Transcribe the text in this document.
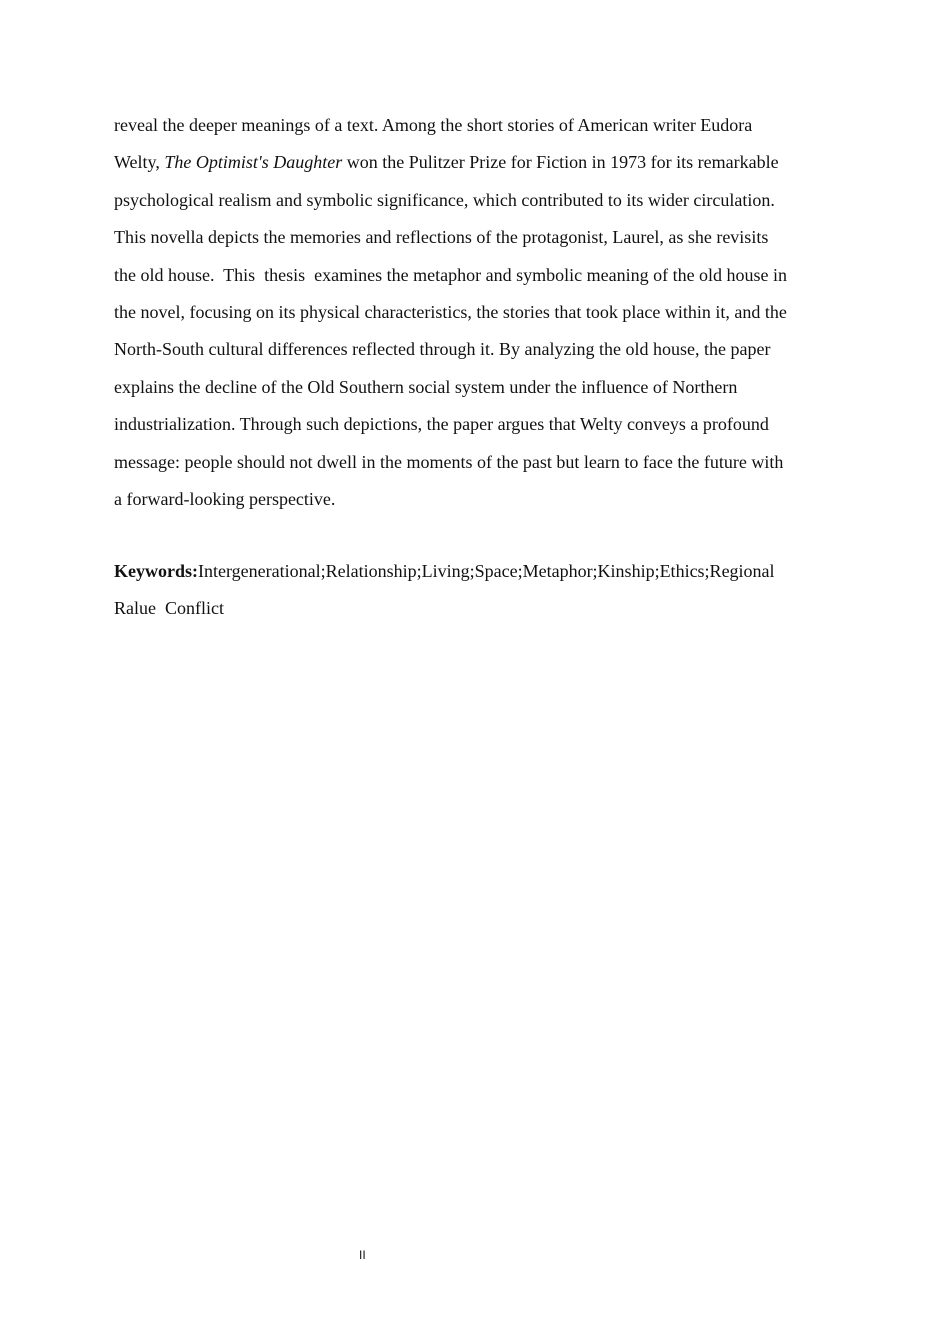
reveal the deeper meanings of a text. Among the short stories of American writer Eudora
Welty, The Optimist's Daughter won the Pulitzer Prize for Fiction in 1973 for its remarkable
psychological realism and symbolic significance, which contributed to its wider circulation.
This novella depicts the memories and reflections of the protagonist, Laurel, as she revisits
the old house.  This  thesis  examines the metaphor and symbolic meaning of the old house in
the novel, focusing on its physical characteristics, the stories that took place within it, and the
North-South cultural differences reflected through it. By analyzing the old house, the paper
explains the decline of the Old Southern social system under the influence of Northern
industrialization. Through such depictions, the paper argues that Welty conveys a profound
message: people should not dwell in the moments of the past but learn to face the future with
a forward-looking perspective.
Keywords:Intergenerational;Relationship;Living;Space;Metaphor;Kinship;Ethics;Regional
Ralue  Conflict
II
